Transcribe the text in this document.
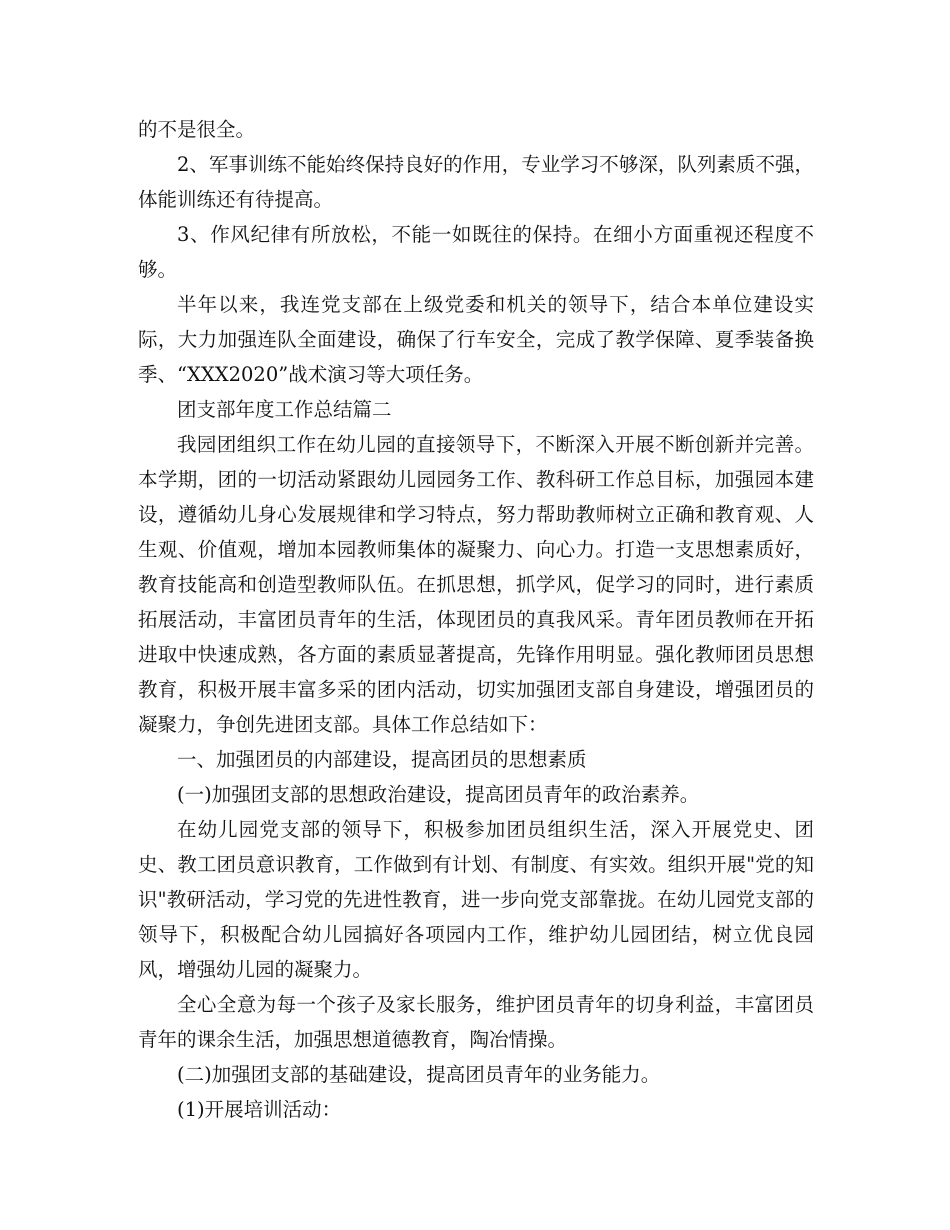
的不是很全。

2、军事训练不能始终保持良好的作用，专业学习不够深，队列素质不强，体能训练还有待提高。

3、作风纪律有所放松，不能一如既往的保持。在细小方面重视还程度不够。

半年以来，我连党支部在上级党委和机关的领导下，结合本单位建设实际，大力加强连队全面建设，确保了行车安全，完成了教学保障、夏季装备换季、“XXX2020”战术演习等大项任务。

团支部年度工作总结篇二

我园团组织工作在幼儿园的直接领导下，不断深入开展不断创新并完善。本学期，团的一切活动紧跟幼儿园园务工作、教科研工作总目标，加强园本建设，遵循幼儿身心发展规律和学习特点，努力帮助教师树立正确和教育观、人生观、价值观，增加本园教师集体的凝聚力、向心力。打造一支思想素质好，教育技能高和创造型教师队伍。在抓思想，抓学风，促学习的同时，进行素质拓展活动，丰富团员青年的生活，体现团员的真我风采。青年团员教师在开拓进取中快速成熟，各方面的素质显著提高，先锋作用明显。强化教师团员思想教育，积极开展丰富多采的团内活动，切实加强团支部自身建设，增强团员的凝聚力，争创先进团支部。具体工作总结如下：

一、加强团员的内部建设，提高团员的思想素质

(一)加强团支部的思想政治建设，提高团员青年的政治素养。

在幼儿园党支部的领导下，积极参加团员组织生活，深入开展党史、团史、教工团员意识教育，工作做到有计划、有制度、有实效。组织开展"党的知识"教研活动，学习党的先进性教育，进一步向党支部靠拢。在幼儿园党支部的领导下，积极配合幼儿园搞好各项园内工作，维护幼儿园团结，树立优良园风，增强幼儿园的凝聚力。

全心全意为每一个孩子及家长服务，维护团员青年的切身利益，丰富团员青年的课余生活，加强思想道德教育，陶冶情操。

(二)加强团支部的基础建设，提高团员青年的业务能力。

(1)开展培训活动：
